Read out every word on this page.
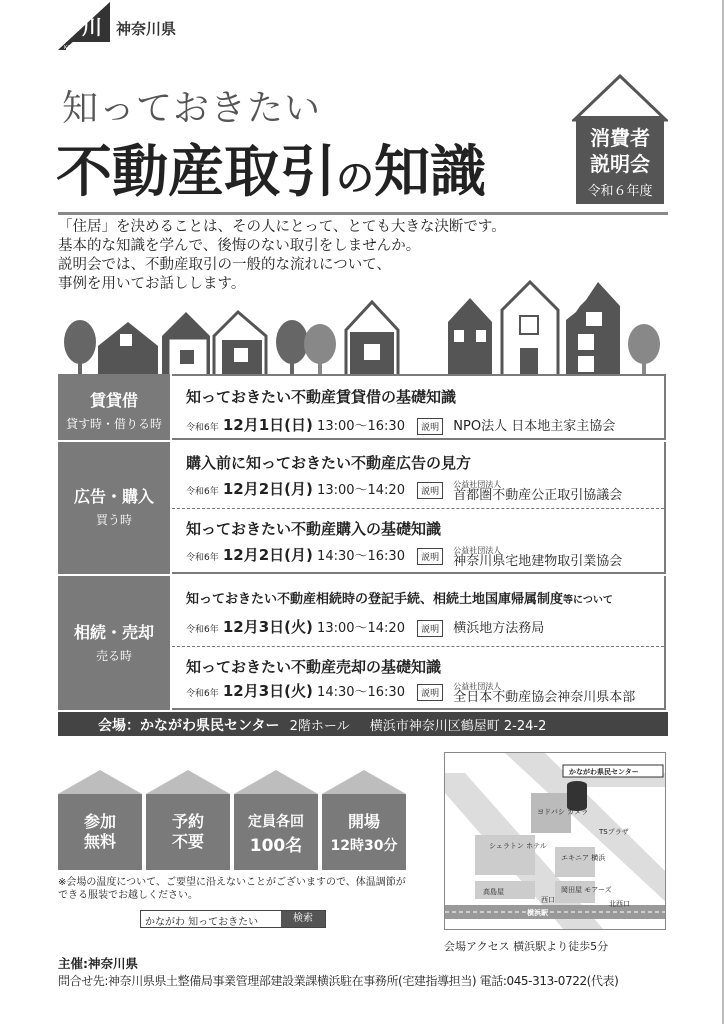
川
KANAGAWA
神奈川県
知っておきたい
不動産取引の知識
消費者
説明会
令和６年度
「住居」を決めることは、その人にとって、とても大きな決断です。
基本的な知識を学んで、後悔のない取引をしませんか。
説明会では、不動産取引の一般的な流れについて、
事例を用いてお話しします。
賃貸借
貸す時・借りる時
知っておきたい不動産賃貸借の基礎知識
令和6年 12月1日(日) 13:00〜16:30 説明 NPO法人 日本地主家主協会
広告・購入
買う時
購入前に知っておきたい不動産広告の見方
令和6年 12月2日(月) 13:00〜14:20 説明
公益社団法人
首都圏不動産公正取引協議会
知っておきたい不動産購入の基礎知識
令和6年 12月2日(月) 14:30〜16:30 説明
公益社団法人
神奈川県宅地建物取引業協会
相続・売却
売る時
知っておきたい不動産相続時の登記手続、相続土地国庫帰属制度等について
令和6年 12月3日(火) 13:00〜14:20 説明 横浜地方法務局
知っておきたい不動産売却の基礎知識
令和6年 12月3日(火) 14:30〜16:30 説明
公益社団法人
全日本不動産協会神奈川県本部
会場：かながわ県民センター 2階ホール 横浜市神奈川区鶴屋町 2-24-2
参加
無料
予約
不要
定員各回
100名
開場
12時30分
※会場の温度について、ご要望に沿えないことがございますので、体温調節が
できる服装でお越しください。
かながわ 知っておきたい	検索
かながわ県民センター
ヨドバシ カメラ
TSプラザ
シェラトン ホテル
エキニア 横浜
高島屋
西口
岡田屋 モアーズ
北西口
横浜駅
会場アクセス 横浜駅より徒歩5分
主催:神奈川県
問合せ先:神奈川県県土整備局事業管理部建設業課横浜駐在事務所(宅建指導担当) 電話:045-313-0722(代表)
